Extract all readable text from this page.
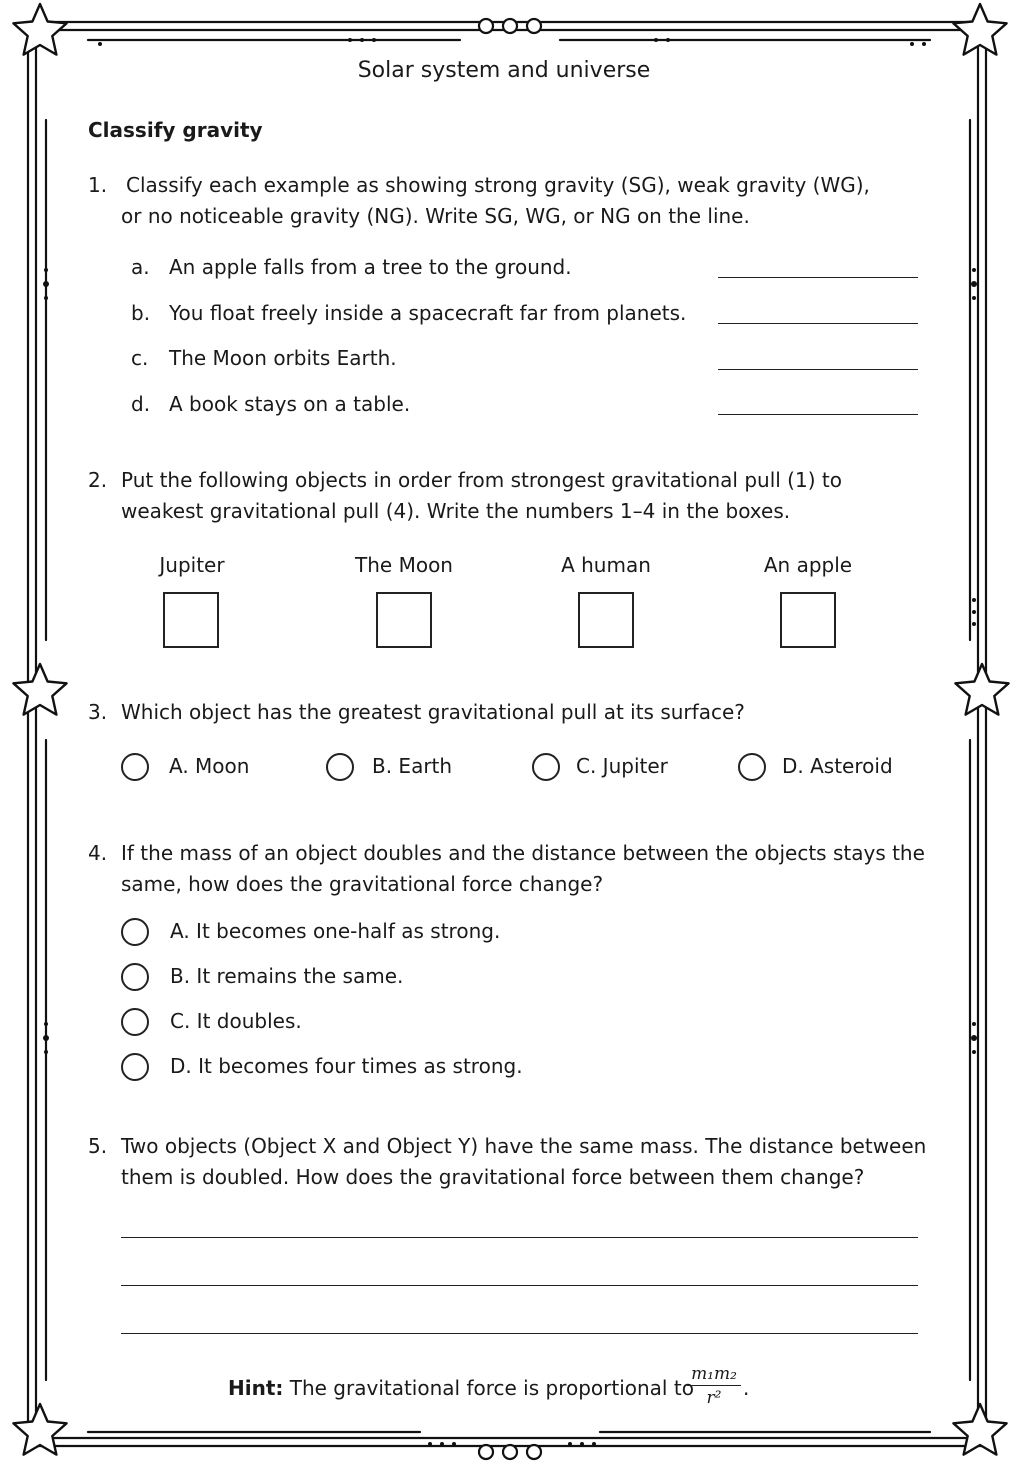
Solar system and universe
Classify gravity
1. Classify each example as showing strong gravity (SG), weak gravity (WG),
or no noticeable gravity (NG). Write SG, WG, or NG on the line.
a. An apple falls from a tree to the ground.
b. You float freely inside a spacecraft far from planets.
c. The Moon orbits Earth.
d. A book stays on a table.
2. Put the following objects in order from strongest gravitational pull (1) to
weakest gravitational pull (4). Write the numbers 1–4 in the boxes.
Jupiter	The Moon	A human	An apple
3. Which object has the greatest gravitational pull at its surface?
A. Moon	B. Earth	C. Jupiter	D. Asteroid
4. If the mass of an object doubles and the distance between the objects stays the
same, how does the gravitational force change?
A. It becomes one-half as strong.
B. It remains the same.
C. It doubles.
D. It becomes four times as strong.
5. Two objects (Object X and Object Y) have the same mass. The distance between
them is doubled. How does the gravitational force between them change?
Hint: The gravitational force is proportional to
m₁m₂
r²	.
